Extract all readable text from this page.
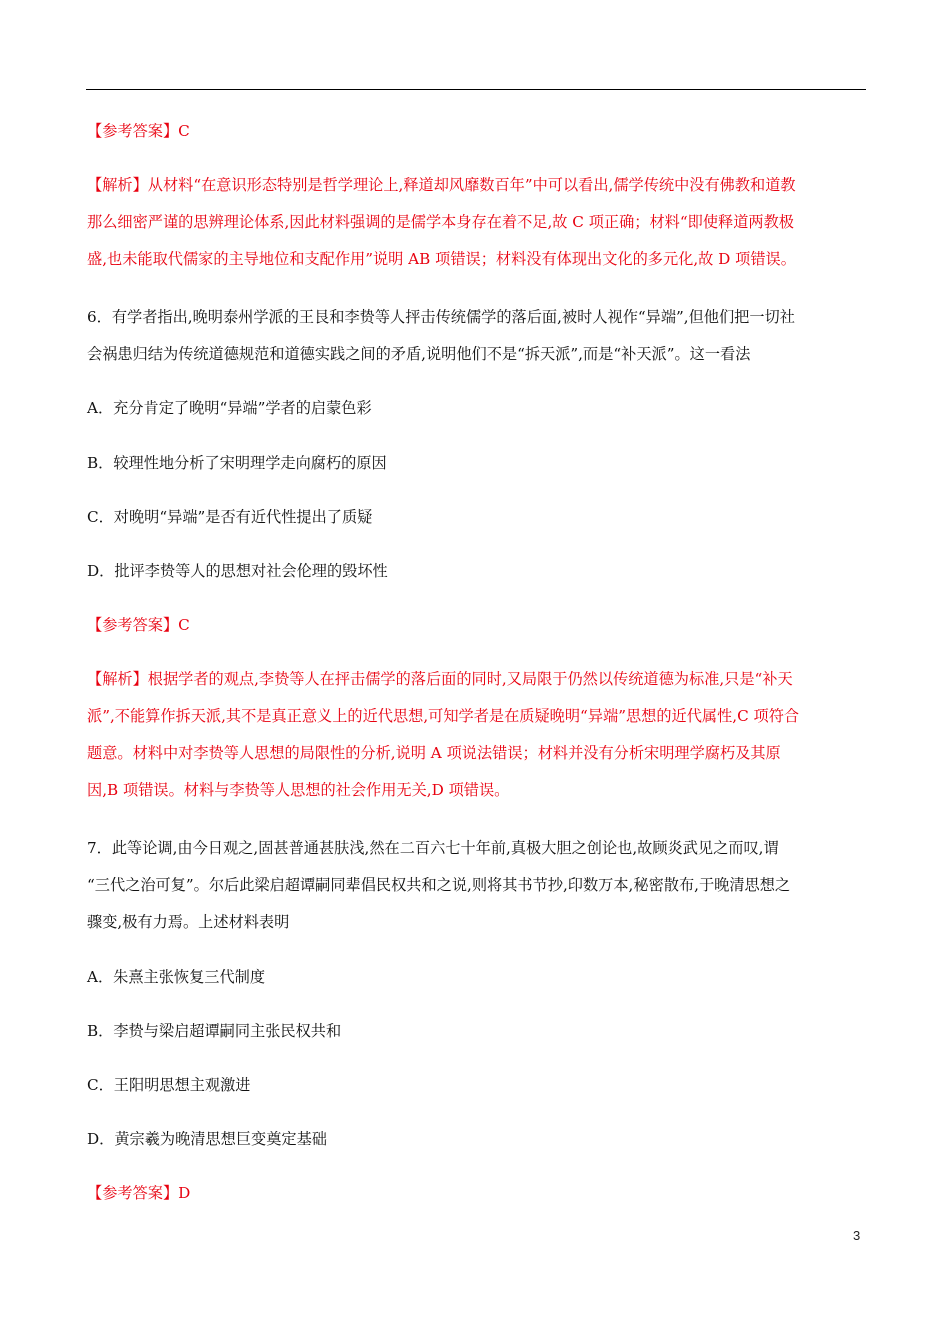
【参考答案】C

【解析】从材料“在意识形态特别是哲学理论上,释道却风靡数百年”中可以看出,儒学传统中没有佛教和道教

那么细密严谨的思辨理论体系,因此材料强调的是儒学本身存在着不足,故 C 项正确；材料“即使释道两教极

盛,也未能取代儒家的主导地位和支配作用”说明 AB 项错误；材料没有体现出文化的多元化,故 D 项错误。

6．有学者指出,晚明泰州学派的王艮和李贽等人抨击传统儒学的落后面,被时人视作“异端”,但他们把一切社

会祸患归结为传统道德规范和道德实践之间的矛盾,说明他们不是“拆天派”,而是“补天派”。这一看法

A．充分肯定了晚明“异端”学者的启蒙色彩

B．较理性地分析了宋明理学走向腐朽的原因

C．对晚明“异端”是否有近代性提出了质疑

D．批评李贽等人的思想对社会伦理的毁坏性

【参考答案】C

【解析】根据学者的观点,李贽等人在抨击儒学的落后面的同时,又局限于仍然以传统道德为标准,只是“补天

派”,不能算作拆天派,其不是真正意义上的近代思想,可知学者是在质疑晚明“异端”思想的近代属性,C 项符合

题意。材料中对李贽等人思想的局限性的分析,说明 A 项说法错误；材料并没有分析宋明理学腐朽及其原

因,B 项错误。材料与李贽等人思想的社会作用无关,D 项错误。

7．此等论调,由今日观之,固甚普通甚肤浅,然在二百六七十年前,真极大胆之创论也,故顾炎武见之而叹,谓

“三代之治可复”。尔后此梁启超谭嗣同辈倡民权共和之说,则将其书节抄,印数万本,秘密散布,于晚清思想之

骤变,极有力焉。上述材料表明

A．朱熹主张恢复三代制度

B．李贽与梁启超谭嗣同主张民权共和

C．王阳明思想主观激进

D．黄宗羲为晚清思想巨变奠定基础

【参考答案】D

3
